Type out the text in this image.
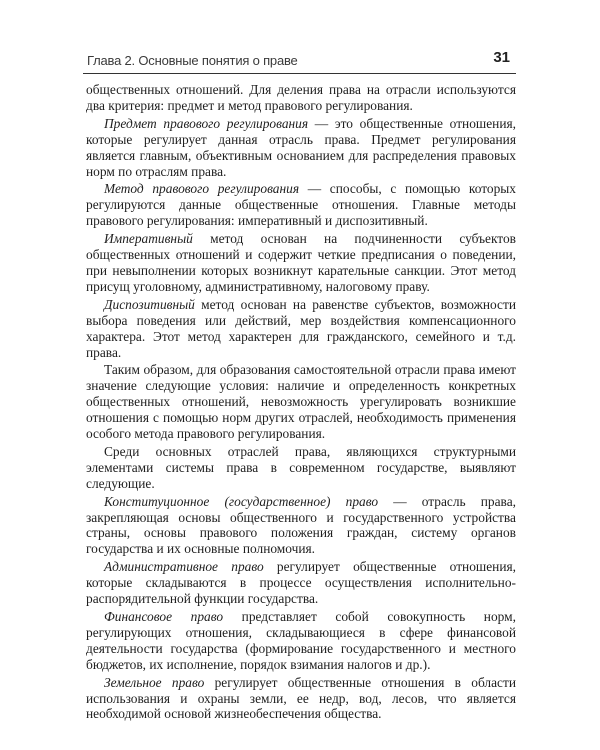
Глава 2. Основные понятия о праве	31

общественных отношений. Для деления права на отрасли используются два критерия: предмет и метод правового регулирования.

Предмет правового регулирования — это общественные отношения, которые регулирует данная отрасль права. Предмет регулирования является главным, объективным основанием для распределения правовых норм по отраслям права.

Метод правового регулирования — способы, с помощью которых регулируются данные общественные отношения. Главные методы правового регулирования: императивный и диспозитивный.

Императивный метод основан на подчиненности субъектов общественных отношений и содержит четкие предписания о поведении, при невыполнении которых возникнут карательные санкции. Этот метод присущ уголовному, административному, налоговому праву.

Диспозитивный метод основан на равенстве субъектов, возможности выбора поведения или действий, мер воздействия компенсационного характера. Этот метод характерен для гражданского, семейного и т.д. права.

Таким образом, для образования самостоятельной отрасли права имеют значение следующие условия: наличие и определенность конкретных общественных отношений, невозможность урегулировать возникшие отношения с помощью норм других отраслей, необходимость применения особого метода правового регулирования.

Среди основных отраслей права, являющихся структурными элементами системы права в современном государстве, выявляют следующие.

Конституционное (государственное) право — отрасль права, закрепляющая основы общественного и государственного устройства страны, основы правового положения граждан, систему органов государства и их основные полномочия.

Административное право регулирует общественные отношения, которые складываются в процессе осуществления исполнительно-распорядительной функции государства.

Финансовое право представляет собой совокупность норм, регулирующих отношения, складывающиеся в сфере финансовой деятельности государства (формирование государственного и местного бюджетов, их исполнение, порядок взимания налогов и др.).

Земельное право регулирует общественные отношения в области использования и охраны земли, ее недр, вод, лесов, что является необходимой основой жизнеобеспечения общества.
